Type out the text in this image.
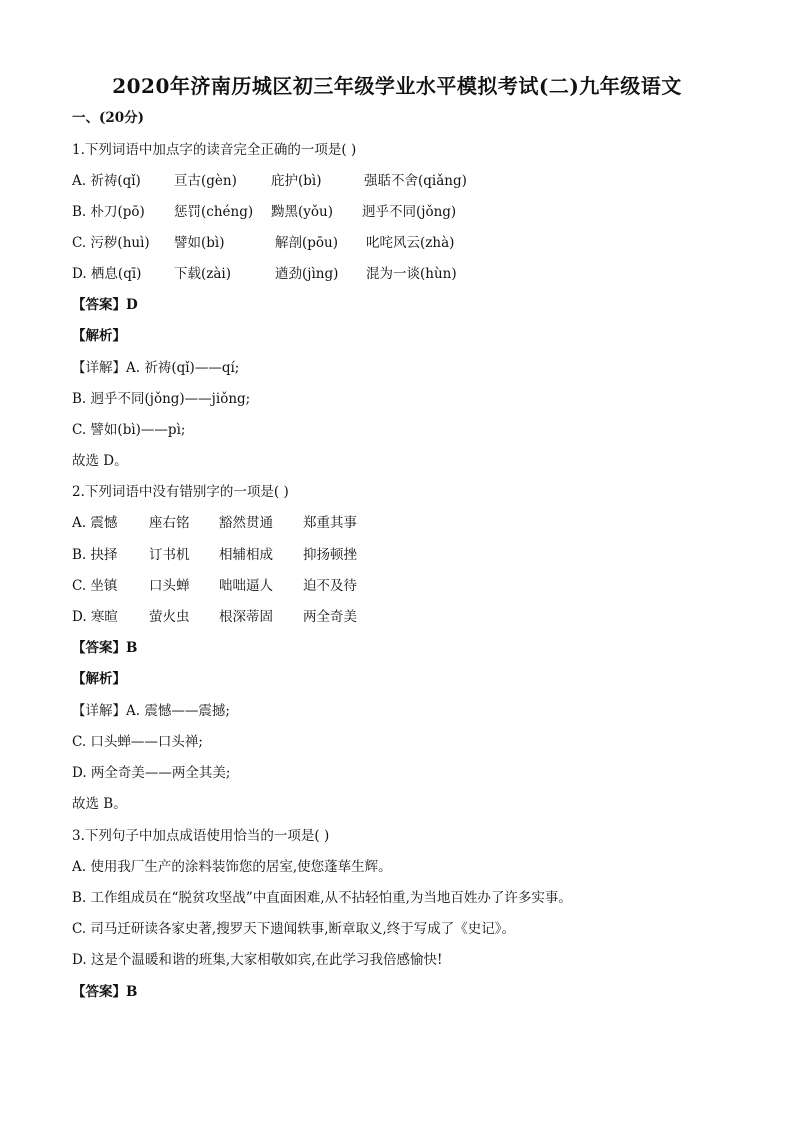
2020年济南历城区初三年级学业水平模拟考试(二)九年级语文
一、(20分)
1.下列词语中加点字的读音完全正确的一项是( )
A. 祈祷(qǐ) 亘古(gèn)	庇护(bì)	强聒不舍(qiǎng)
B. 朴刀(pō) 惩罚(chéng) 黝黑(yǒu) 迥乎不同(jǒng)
C. 污秽(huì) 譬如(bì)	解剖(pōu) 叱咤风云(zhà)
D. 栖息(qī) 下载(zài)	遒劲(jìng) 混为一谈(hùn)
【答案】D
【解析】
【详解】A. 祈祷(qǐ)——qí;
B. 迥乎不同(jǒng)——jiǒng;
C. 譬如(bì)——pì;
故选 D。
2.下列词语中没有错别字的一项是( )
A. 震憾 座右铭 豁然贯通 郑重其事
B. 抉择 订书机 相辅相成 抑扬顿挫
C. 坐镇 口头蝉 咄咄逼人 迫不及待
D. 寒暄 萤火虫 根深蒂固 两全奇美
【答案】B
【解析】
【详解】A. 震憾——震撼;
C. 口头蝉——口头禅;
D. 两全奇美——两全其美;
故选 B。
3.下列句子中加点成语使用恰当的一项是( )
A. 使用我厂生产的涂料装饰您的居室,使您蓬荜生辉。
B. 工作组成员在“脱贫攻坚战”中直面困难,从不拈轻怕重,为当地百姓办了许多实事。
C. 司马迁研读各家史著,搜罗天下遗闻轶事,断章取义,终于写成了《史记》。
D. 这是个温暖和谐的班集,大家相敬如宾,在此学习我倍感愉快!
【答案】B
